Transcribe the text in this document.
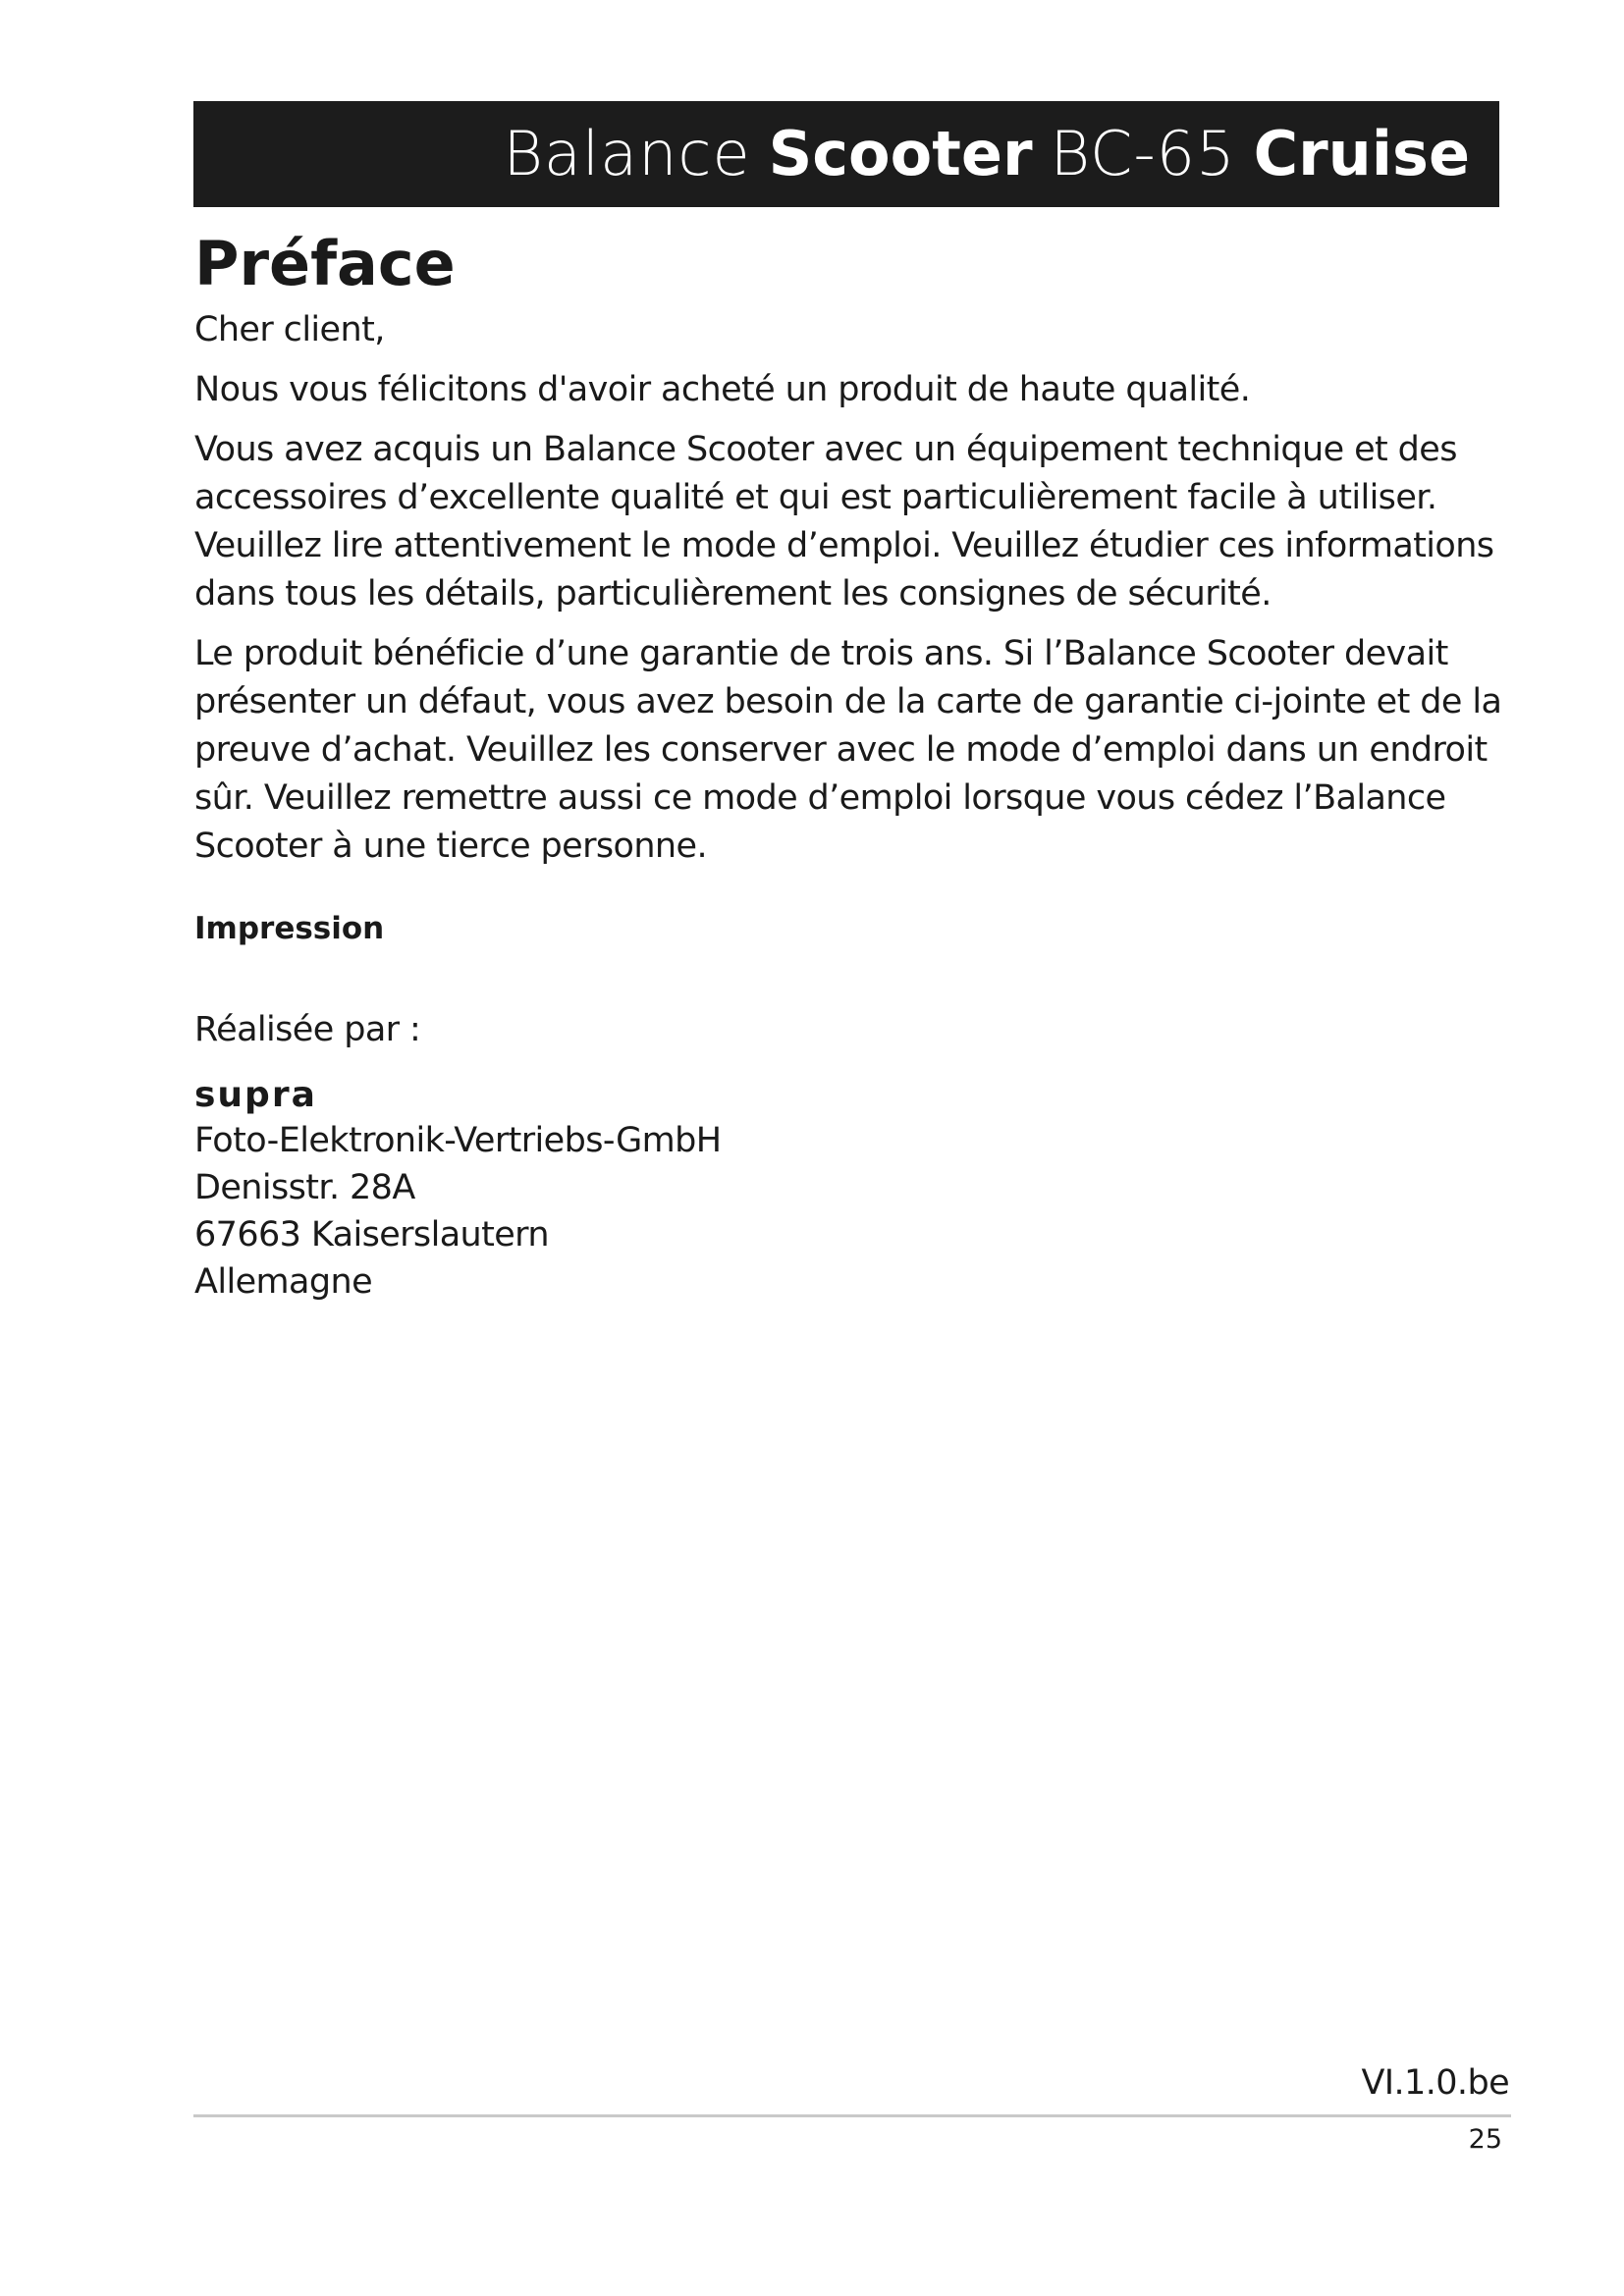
Balance Scooter BC-65 Cruise
Préface

Cher client,

Nous vous félicitons d'avoir acheté un produit de haute qualité.

Vous avez acquis un Balance Scooter avec un équipement technique et des accessoires d’excellente qualité et qui est particulièrement facile à utiliser. Veuillez lire attentivement le mode d’emploi. Veuillez étudier ces informations dans tous les détails, particulièrement les consignes de sécurité.

Le produit bénéficie d’une garantie de trois ans. Si l’Balance Scooter devait présenter un défaut, vous avez besoin de la carte de garantie ci-jointe et de la preuve d’achat. Veuillez les conserver avec le mode d’emploi dans un endroit sûr. Veuillez remettre aussi ce mode d’emploi lorsque vous cédez l’Balance Scooter à une tierce personne.

Impression

Réalisée par :

supra

Foto-Elektronik-Vertriebs-GmbH

Denisstr. 28A

67663 Kaiserslautern

Allemagne

VI.1.0.be
25
